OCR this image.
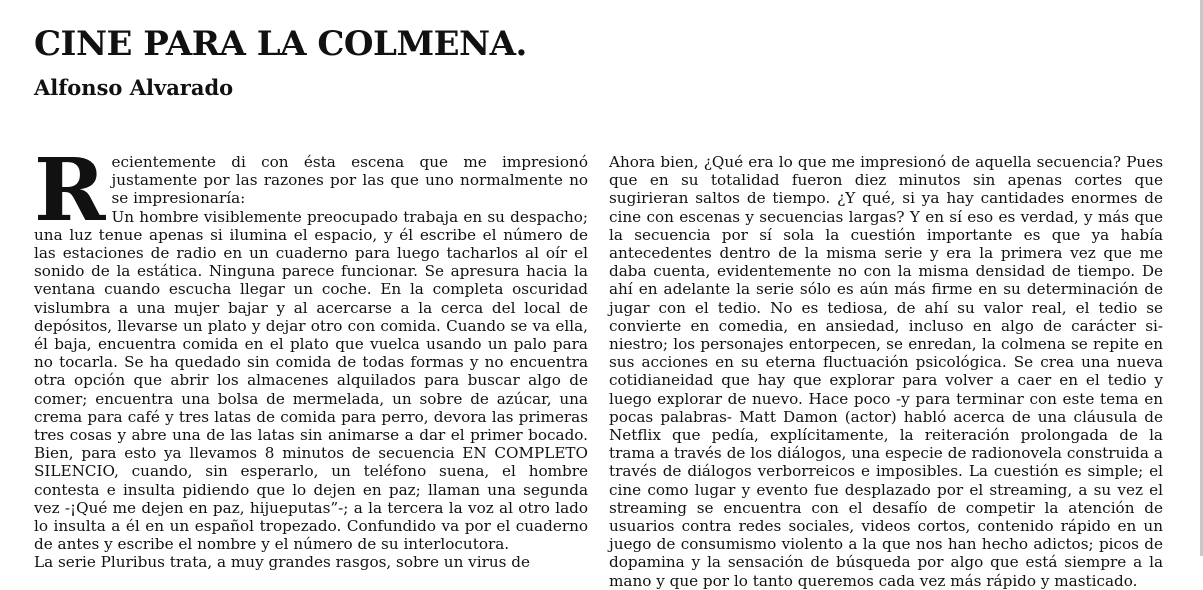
CINE PARA LA COLMENA.
Alfonso Alvarado
R ecientemente di con ésta escena que me impresionó justamente por las razones por las que uno normalmente no se impresionaría:

Un hombre visiblemente preocupado trabaja en su despacho; una luz tenue apenas si ilumina el espacio, y él escribe el número de las estaciones de radio en un cuaderno para luego tacharlos al oír el sonido de la estática. Ninguna parece funcionar. Se apresura hacia la ventana cuando escucha llegar un coche. En la completa oscuridad vislumbra a una mujer bajar y al acercarse a la cerca del local de depósitos, llevarse un plato y dejar otro con comida. Cuando se va ella, él baja, encuentra comida en el plato que vuelca usando un palo para no tocarla. Se ha quedado sin comida de todas formas y no encuentra otra opción que abrir los almacenes alquilados para buscar algo de comer; encuentra una bolsa de mermelada, un sobre de azúcar, una crema para café y tres latas de comida para perro, devora las primeras tres cosas y abre una de las latas sin animarse a dar el primer bocado. Bien, para esto ya llevamos 8 minutos de secuencia EN COMPLETO SILENCIO, cuando, sin esperarlo, un teléfono suena, el hombre contesta e insulta pidiendo que lo dejen en paz; llaman una segunda vez -¡Qué me dejen en paz, hijueputas”-; a la tercera la voz al otro lado lo insulta a él en un español tropezado. Confundido va por el cuaderno de antes y escribe el nombre y el número de su interlocutora.

La serie Pluribus trata, a muy grandes rasgos, sobre un virus de

Ahora bien, ¿Qué era lo que me impresionó de aquella secuencia? Pues que en su totalidad fueron diez minutos sin apenas cortes que sugirieran saltos de tiempo. ¿Y qué, si ya hay cantidades enormes de cine con escenas y secuencias largas? Y en sí eso es verdad, y más que la secuencia por sí sola la cuestión importante es que ya había antecedentes dentro de la misma serie y era la primera vez que me daba cuenta, evidentemente no con la misma densidad de tiempo. De ahí en adelante la serie sólo es aún más firme en su determinación de jugar con el tedio. No es tediosa, de ahí su valor real, el tedio se convierte en comedia, en ansiedad, incluso en algo de carácter siniestro; los personajes entorpecen, se enredan, la colmena se repite en sus acciones en su eterna fluctuación psicológica. Se crea una nueva cotidianeidad que hay que explorar para volver a caer en el tedio y luego explorar de nuevo. Hace poco -y para terminar con este tema en pocas palabras- Matt Damon (actor) habló acerca de una cláusula de Netflix que pedía, explícitamente, la reiteración prolongada de la trama a través de los diálogos, una especie de radionovela construida a través de diálogos verborreicos e imposibles. La cuestión es simple; el cine como lugar y evento fue desplazado por el streaming, a su vez el streaming se encuentra con el desafío de competir la atención de usuarios contra redes sociales, videos cortos, contenido rápido en un juego de consumismo violento a la que nos han hecho adictos; picos de dopamina y la sensación de búsqueda por algo que está siempre a la mano y que por lo tanto queremos cada vez más rápido y masticado.
